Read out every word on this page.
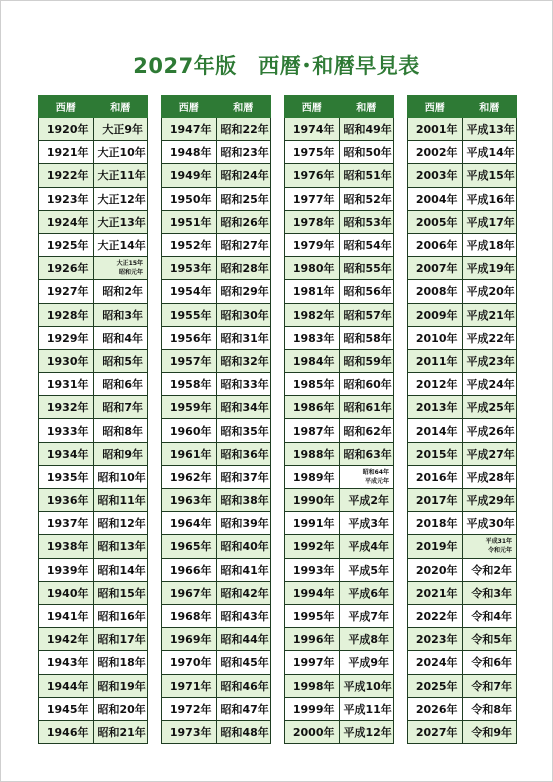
2027年版　西暦･和暦早見表
西暦	和暦
1920年	大正9年
1921年	大正10年
1922年	大正11年
1923年	大正12年
1924年	大正13年
1925年	大正14年
1926年	大正15年
昭和元年

1927年	昭和2年
1928年	昭和3年
1929年	昭和4年
1930年	昭和5年
1931年	昭和6年
1932年	昭和7年
1933年	昭和8年
1934年	昭和9年
1935年	昭和10年
1936年	昭和11年
1937年	昭和12年
1938年	昭和13年
1939年	昭和14年
1940年	昭和15年
1941年	昭和16年
1942年	昭和17年
1943年	昭和18年
1944年	昭和19年
1945年	昭和20年
1946年	昭和21年
西暦	和暦
1947年	昭和22年
1948年	昭和23年
1949年	昭和24年
1950年	昭和25年
1951年	昭和26年
1952年	昭和27年
1953年	昭和28年
1954年	昭和29年
1955年	昭和30年
1956年	昭和31年
1957年	昭和32年
1958年	昭和33年
1959年	昭和34年
1960年	昭和35年
1961年	昭和36年
1962年	昭和37年
1963年	昭和38年
1964年	昭和39年
1965年	昭和40年
1966年	昭和41年
1967年	昭和42年
1968年	昭和43年
1969年	昭和44年
1970年	昭和45年
1971年	昭和46年
1972年	昭和47年
1973年	昭和48年
西暦	和暦
1974年	昭和49年
1975年	昭和50年
1976年	昭和51年
1977年	昭和52年
1978年	昭和53年
1979年	昭和54年
1980年	昭和55年
1981年	昭和56年
1982年	昭和57年
1983年	昭和58年
1984年	昭和59年
1985年	昭和60年
1986年	昭和61年
1987年	昭和62年
1988年	昭和63年
1989年	昭和64年
平成元年

1990年	平成2年
1991年	平成3年
1992年	平成4年
1993年	平成5年
1994年	平成6年
1995年	平成7年
1996年	平成8年
1997年	平成9年
1998年	平成10年
1999年	平成11年
2000年	平成12年
西暦	和暦
2001年	平成13年
2002年	平成14年
2003年	平成15年
2004年	平成16年
2005年	平成17年
2006年	平成18年
2007年	平成19年
2008年	平成20年
2009年	平成21年
2010年	平成22年
2011年	平成23年
2012年	平成24年
2013年	平成25年
2014年	平成26年
2015年	平成27年
2016年	平成28年
2017年	平成29年
2018年	平成30年
2019年	平成31年
令和元年

2020年	令和2年
2021年	令和3年
2022年	令和4年
2023年	令和5年
2024年	令和6年
2025年	令和7年
2026年	令和8年
2027年	令和9年
